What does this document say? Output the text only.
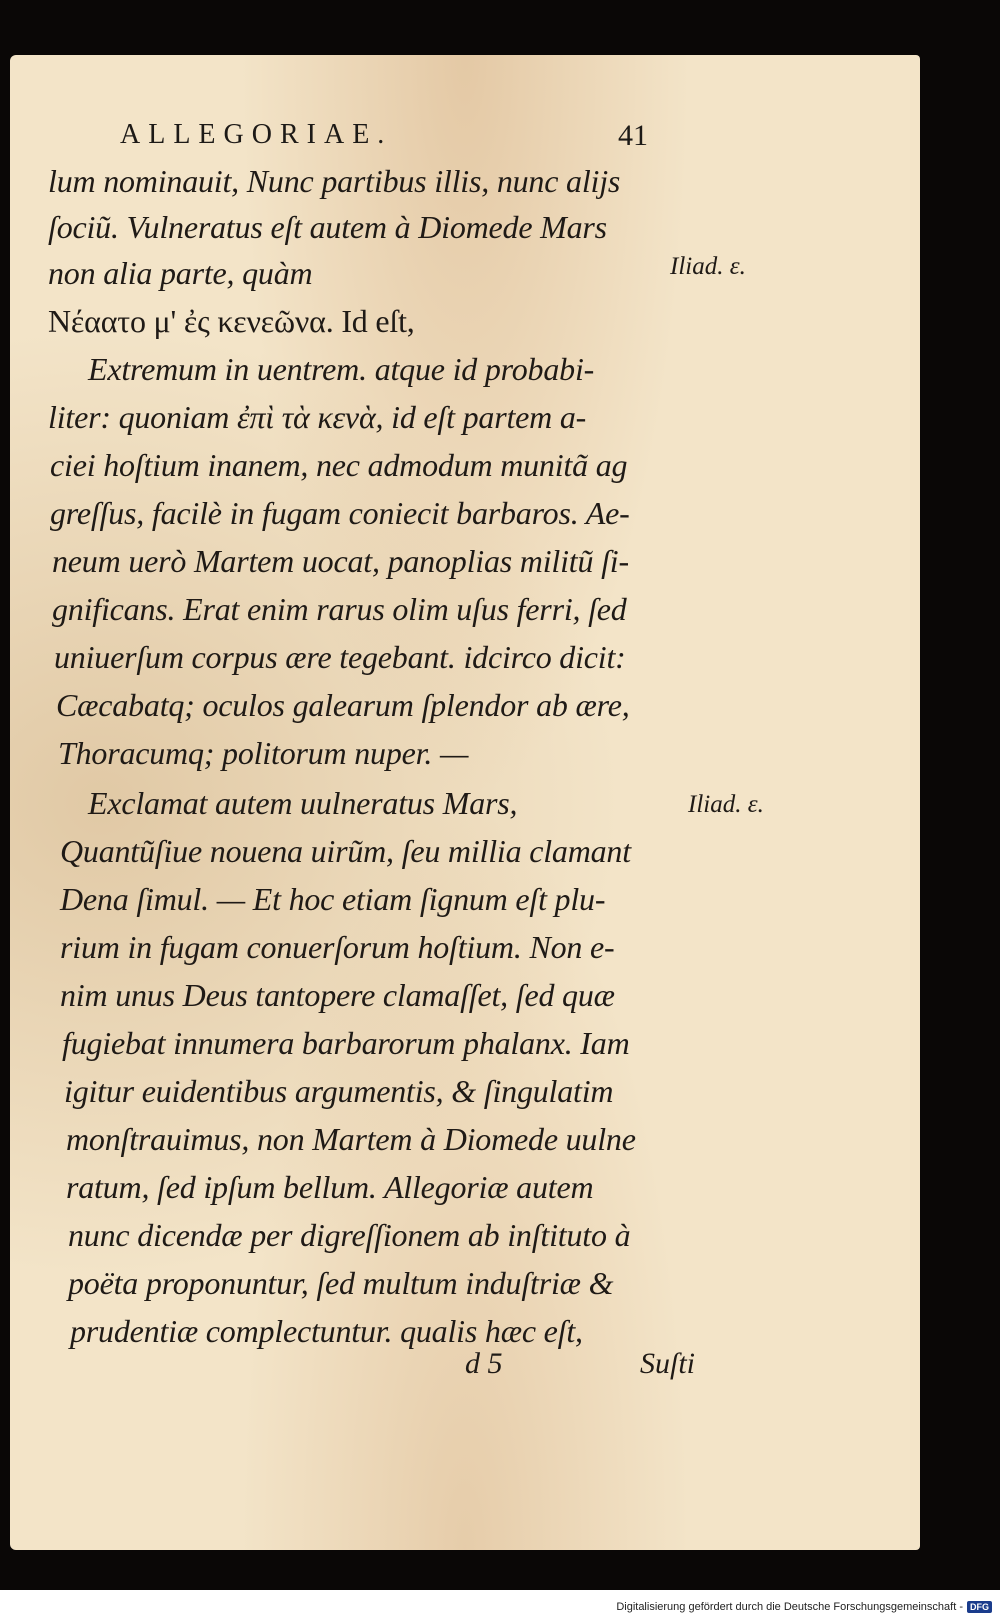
ALLEGORIAE.	41
lum nominauit, Nunc partibus illis, nunc alijs
ſociũ. Vulneratus eſt autem à Diomede Mars
non alia parte, quàm
Νέαατο μ' ἐς κενεῶνα. Id eſt,
Extremum in uentrem. atque id probabi-
liter: quoniam ἐπὶ τὰ κενὰ, id eſt partem a-
ciei hoſtium inanem, nec admodum munitã ag
greſſus, facilè in fugam coniecit barbaros. Ae-
neum uerò Martem uocat, panoplias militũ ſi-
gnificans. Erat enim rarus olim uſus ferri, ſed
uniuerſum corpus ære tegebant. idcirco dicit:
Cæcabatq; oculos galearum ſplendor ab ære,
Thoracumq; politorum nuper. —
Exclamat autem uulneratus Mars,
Quantũſiue nouena uirũm, ſeu millia clamant
Dena ſimul. — Et hoc etiam ſignum eſt plu-
rium in fugam conuerſorum hoſtium. Non e-
nim unus Deus tantopere clamaſſet, ſed quæ
fugiebat innumera barbarorum phalanx. Iam
igitur euidentibus argumentis, & ſingulatim
monſtrauimus, non Martem à Diomede uulne
ratum, ſed ipſum bellum. Allegoriæ autem
nunc dicendæ per digreſſionem ab inſtituto à
poëta proponuntur, ſed multum induſtriæ &
prudentiæ complectuntur. qualis hæc eſt,
Iliad. ε.
Iliad. ε.
d 5	Suſti
Digitalisierung gefördert durch die Deutsche Forschungsgemeinschaft - DFG
